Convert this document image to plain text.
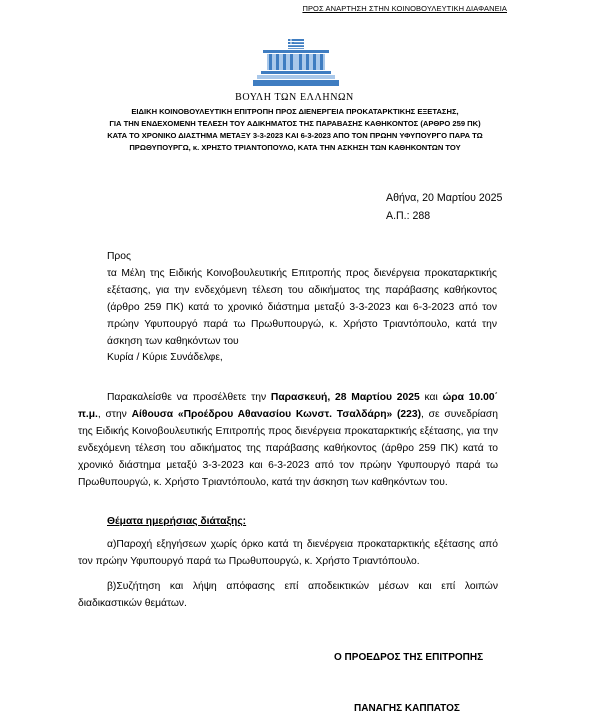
ΠΡΟΣ ΑΝΑΡΤΗΣΗ ΣΤΗΝ ΚΟΙΝΟΒΟΥΛΕΥΤΙΚΗ ΔΙΑΦΑΝΕΙΑ
ΒΟΥΛΗ ΤΩΝ ΕΛΛΗΝΩΝ
ΕΙΔΙΚΗ ΚΟΙΝΟΒΟΥΛΕΥΤΙΚΗ ΕΠΙΤΡΟΠΗ ΠΡΟΣ ΔΙΕΝΕΡΓΕΙΑ ΠΡΟΚΑΤΑΡΚΤΙΚΗΣ ΕΞΕΤΑΣΗΣ,
ΓΙΑ ΤΗΝ ΕΝΔΕΧΟΜΕΝΗ ΤΕΛΕΣΗ ΤΟΥ ΑΔΙΚΗΜΑΤΟΣ ΤΗΣ ΠΑΡΑΒΑΣΗΣ ΚΑΘΗΚΟΝΤΟΣ (ΑΡΘΡΟ 259 ΠΚ)
ΚΑΤΑ ΤΟ ΧΡΟΝΙΚΟ ΔΙΑΣΤΗΜΑ ΜΕΤΑΞΥ 3-3-2023 ΚΑΙ 6-3-2023 ΑΠΟ ΤΟΝ ΠΡΩΗΝ ΥΦΥΠΟΥΡΓΟ ΠΑΡΑ ΤΩ
ΠΡΩΘΥΠΟΥΡΓΩ, κ. ΧΡΗΣΤΟ ΤΡΙΑΝΤΟΠΟΥΛΟ, ΚΑΤΑ ΤΗΝ ΑΣΚΗΣΗ ΤΩΝ ΚΑΘΗΚΟΝΤΩΝ ΤΟΥ
Αθήνα, 20 Μαρτίου 2025
Α.Π.: 288
Προς
τα Μέλη της Ειδικής Κοινοβουλευτικής Επιτροπής προς διενέργεια προκαταρκτικής εξέτασης, για την ενδεχόμενη τέλεση του αδικήματος της παράβασης καθήκοντος (άρθρο 259 ΠΚ) κατά το χρονικό διάστημα μεταξύ 3-3-2023 και 6-3-2023 από τον πρώην Υφυπουργό παρά τω Πρωθυπουργώ, κ. Χρήστο Τριαντόπουλο, κατά την άσκηση των καθηκόντων του
Κυρία / Κύριε Συνάδελφε,
Παρακαλείσθε να προσέλθετε την Παρασκευή, 28 Μαρτίου 2025 και ώρα 10.00΄ π.μ., στην Αίθουσα «Προέδρου Αθανασίου Κωνστ. Τσαλδάρη» (223), σε συνεδρίαση της Ειδικής Κοινοβουλευτικής Επιτροπής προς διενέργεια προκαταρκτικής εξέτασης, για την ενδεχόμενη τέλεση του αδικήματος της παράβασης καθήκοντος (άρθρο 259 ΠΚ) κατά το χρονικό διάστημα μεταξύ 3-3-2023 και 6-3-2023 από τον πρώην Υφυπουργό παρά τω Πρωθυπουργώ, κ. Χρήστο Τριαντόπουλο, κατά την άσκηση των καθηκόντων του.
Θέματα ημερήσιας διάταξης:
α)Παροχή εξηγήσεων χωρίς όρκο κατά τη διενέργεια προκαταρκτικής εξέτασης από τον πρώην Υφυπουργό παρά τω Πρωθυπουργώ, κ. Χρήστο Τριαντόπουλο.
β)Συζήτηση και λήψη απόφασης επί αποδεικτικών μέσων και επί λοιπών διαδικαστικών θεμάτων.
Ο ΠΡΟΕΔΡΟΣ ΤΗΣ ΕΠΙΤΡΟΠΗΣ
ΠΑΝΑΓΗΣ ΚΑΠΠΑΤΟΣ
